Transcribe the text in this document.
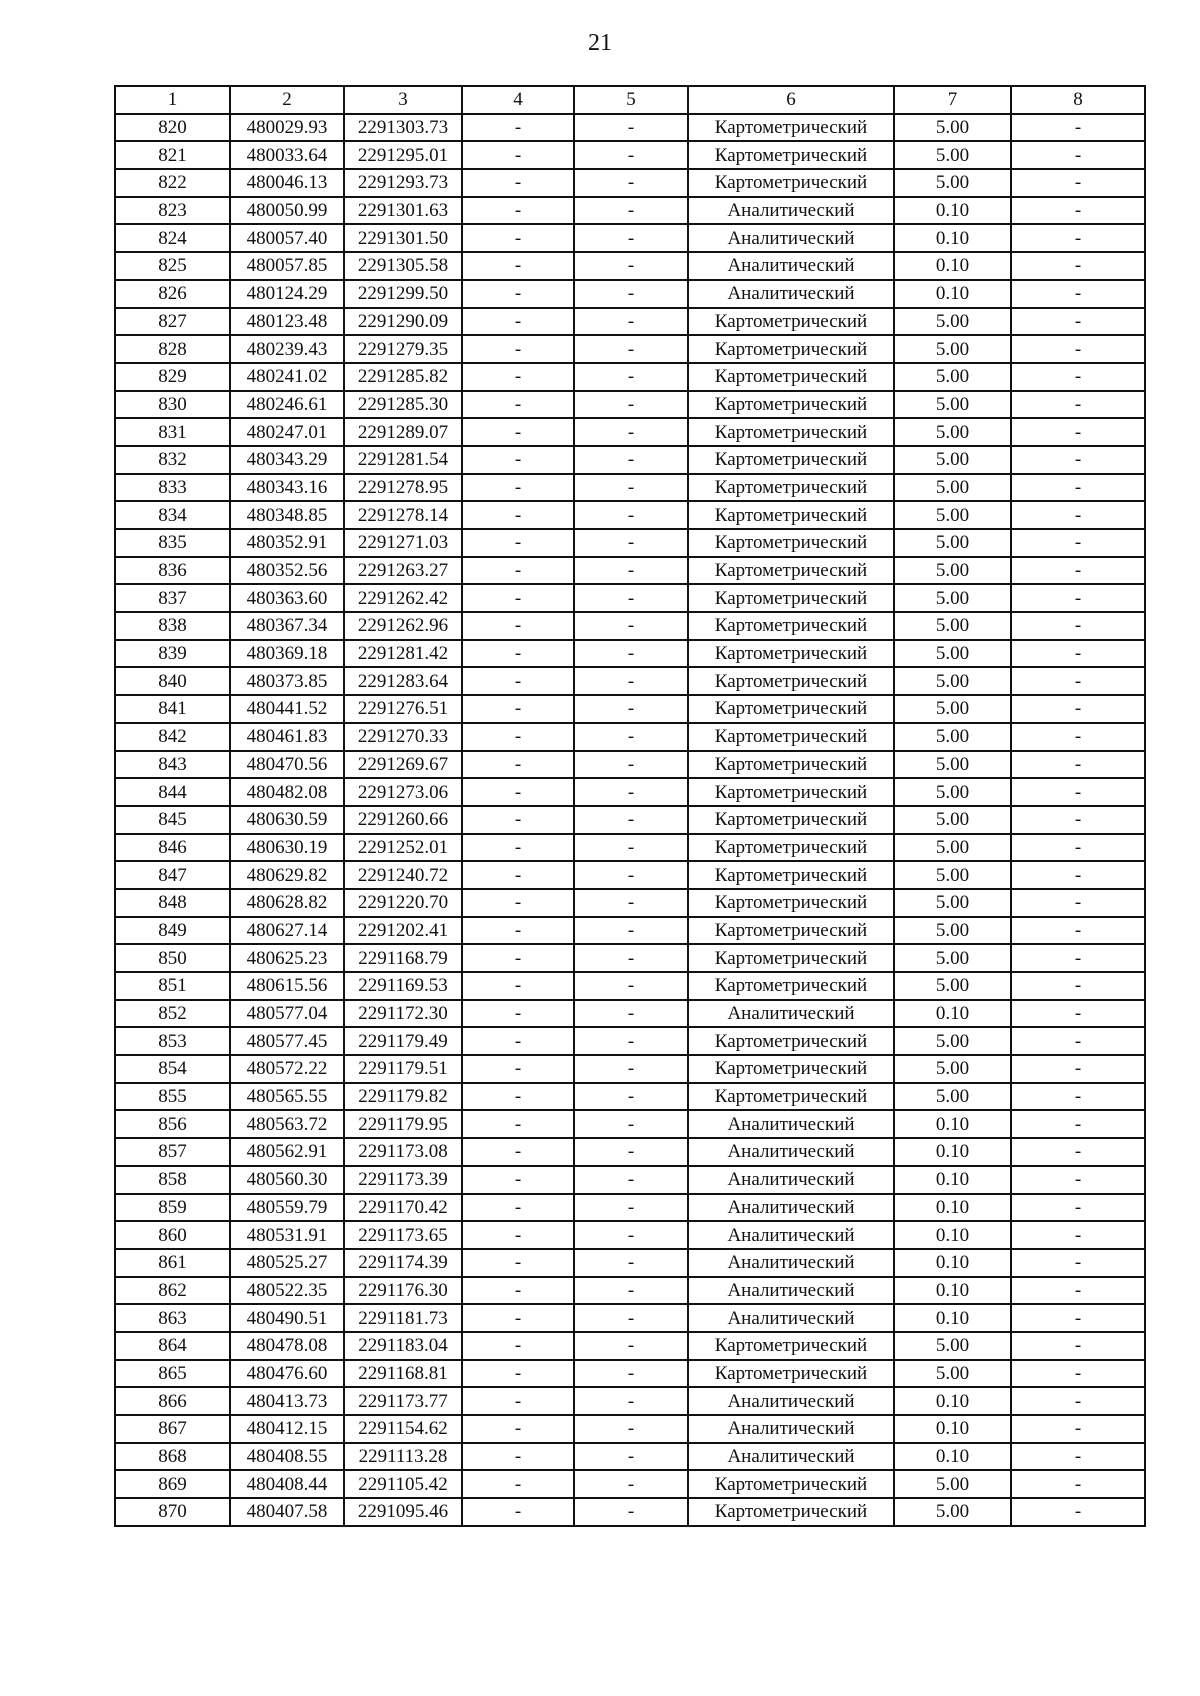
21
1	2	3	4	5	6	7	8
820	480029.93	2291303.73	-	-	Картометрический	5.00	-
821	480033.64	2291295.01	-	-	Картометрический	5.00	-
822	480046.13	2291293.73	-	-	Картометрический	5.00	-
823	480050.99	2291301.63	-	-	Аналитический	0.10	-
824	480057.40	2291301.50	-	-	Аналитический	0.10	-
825	480057.85	2291305.58	-	-	Аналитический	0.10	-
826	480124.29	2291299.50	-	-	Аналитический	0.10	-
827	480123.48	2291290.09	-	-	Картометрический	5.00	-
828	480239.43	2291279.35	-	-	Картометрический	5.00	-
829	480241.02	2291285.82	-	-	Картометрический	5.00	-
830	480246.61	2291285.30	-	-	Картометрический	5.00	-
831	480247.01	2291289.07	-	-	Картометрический	5.00	-
832	480343.29	2291281.54	-	-	Картометрический	5.00	-
833	480343.16	2291278.95	-	-	Картометрический	5.00	-
834	480348.85	2291278.14	-	-	Картометрический	5.00	-
835	480352.91	2291271.03	-	-	Картометрический	5.00	-
836	480352.56	2291263.27	-	-	Картометрический	5.00	-
837	480363.60	2291262.42	-	-	Картометрический	5.00	-
838	480367.34	2291262.96	-	-	Картометрический	5.00	-
839	480369.18	2291281.42	-	-	Картометрический	5.00	-
840	480373.85	2291283.64	-	-	Картометрический	5.00	-
841	480441.52	2291276.51	-	-	Картометрический	5.00	-
842	480461.83	2291270.33	-	-	Картометрический	5.00	-
843	480470.56	2291269.67	-	-	Картометрический	5.00	-
844	480482.08	2291273.06	-	-	Картометрический	5.00	-
845	480630.59	2291260.66	-	-	Картометрический	5.00	-
846	480630.19	2291252.01	-	-	Картометрический	5.00	-
847	480629.82	2291240.72	-	-	Картометрический	5.00	-
848	480628.82	2291220.70	-	-	Картометрический	5.00	-
849	480627.14	2291202.41	-	-	Картометрический	5.00	-
850	480625.23	2291168.79	-	-	Картометрический	5.00	-
851	480615.56	2291169.53	-	-	Картометрический	5.00	-
852	480577.04	2291172.30	-	-	Аналитический	0.10	-
853	480577.45	2291179.49	-	-	Картометрический	5.00	-
854	480572.22	2291179.51	-	-	Картометрический	5.00	-
855	480565.55	2291179.82	-	-	Картометрический	5.00	-
856	480563.72	2291179.95	-	-	Аналитический	0.10	-
857	480562.91	2291173.08	-	-	Аналитический	0.10	-
858	480560.30	2291173.39	-	-	Аналитический	0.10	-
859	480559.79	2291170.42	-	-	Аналитический	0.10	-
860	480531.91	2291173.65	-	-	Аналитический	0.10	-
861	480525.27	2291174.39	-	-	Аналитический	0.10	-
862	480522.35	2291176.30	-	-	Аналитический	0.10	-
863	480490.51	2291181.73	-	-	Аналитический	0.10	-
864	480478.08	2291183.04	-	-	Картометрический	5.00	-
865	480476.60	2291168.81	-	-	Картометрический	5.00	-
866	480413.73	2291173.77	-	-	Аналитический	0.10	-
867	480412.15	2291154.62	-	-	Аналитический	0.10	-
868	480408.55	2291113.28	-	-	Аналитический	0.10	-
869	480408.44	2291105.42	-	-	Картометрический	5.00	-
870	480407.58	2291095.46	-	-	Картометрический	5.00	-
